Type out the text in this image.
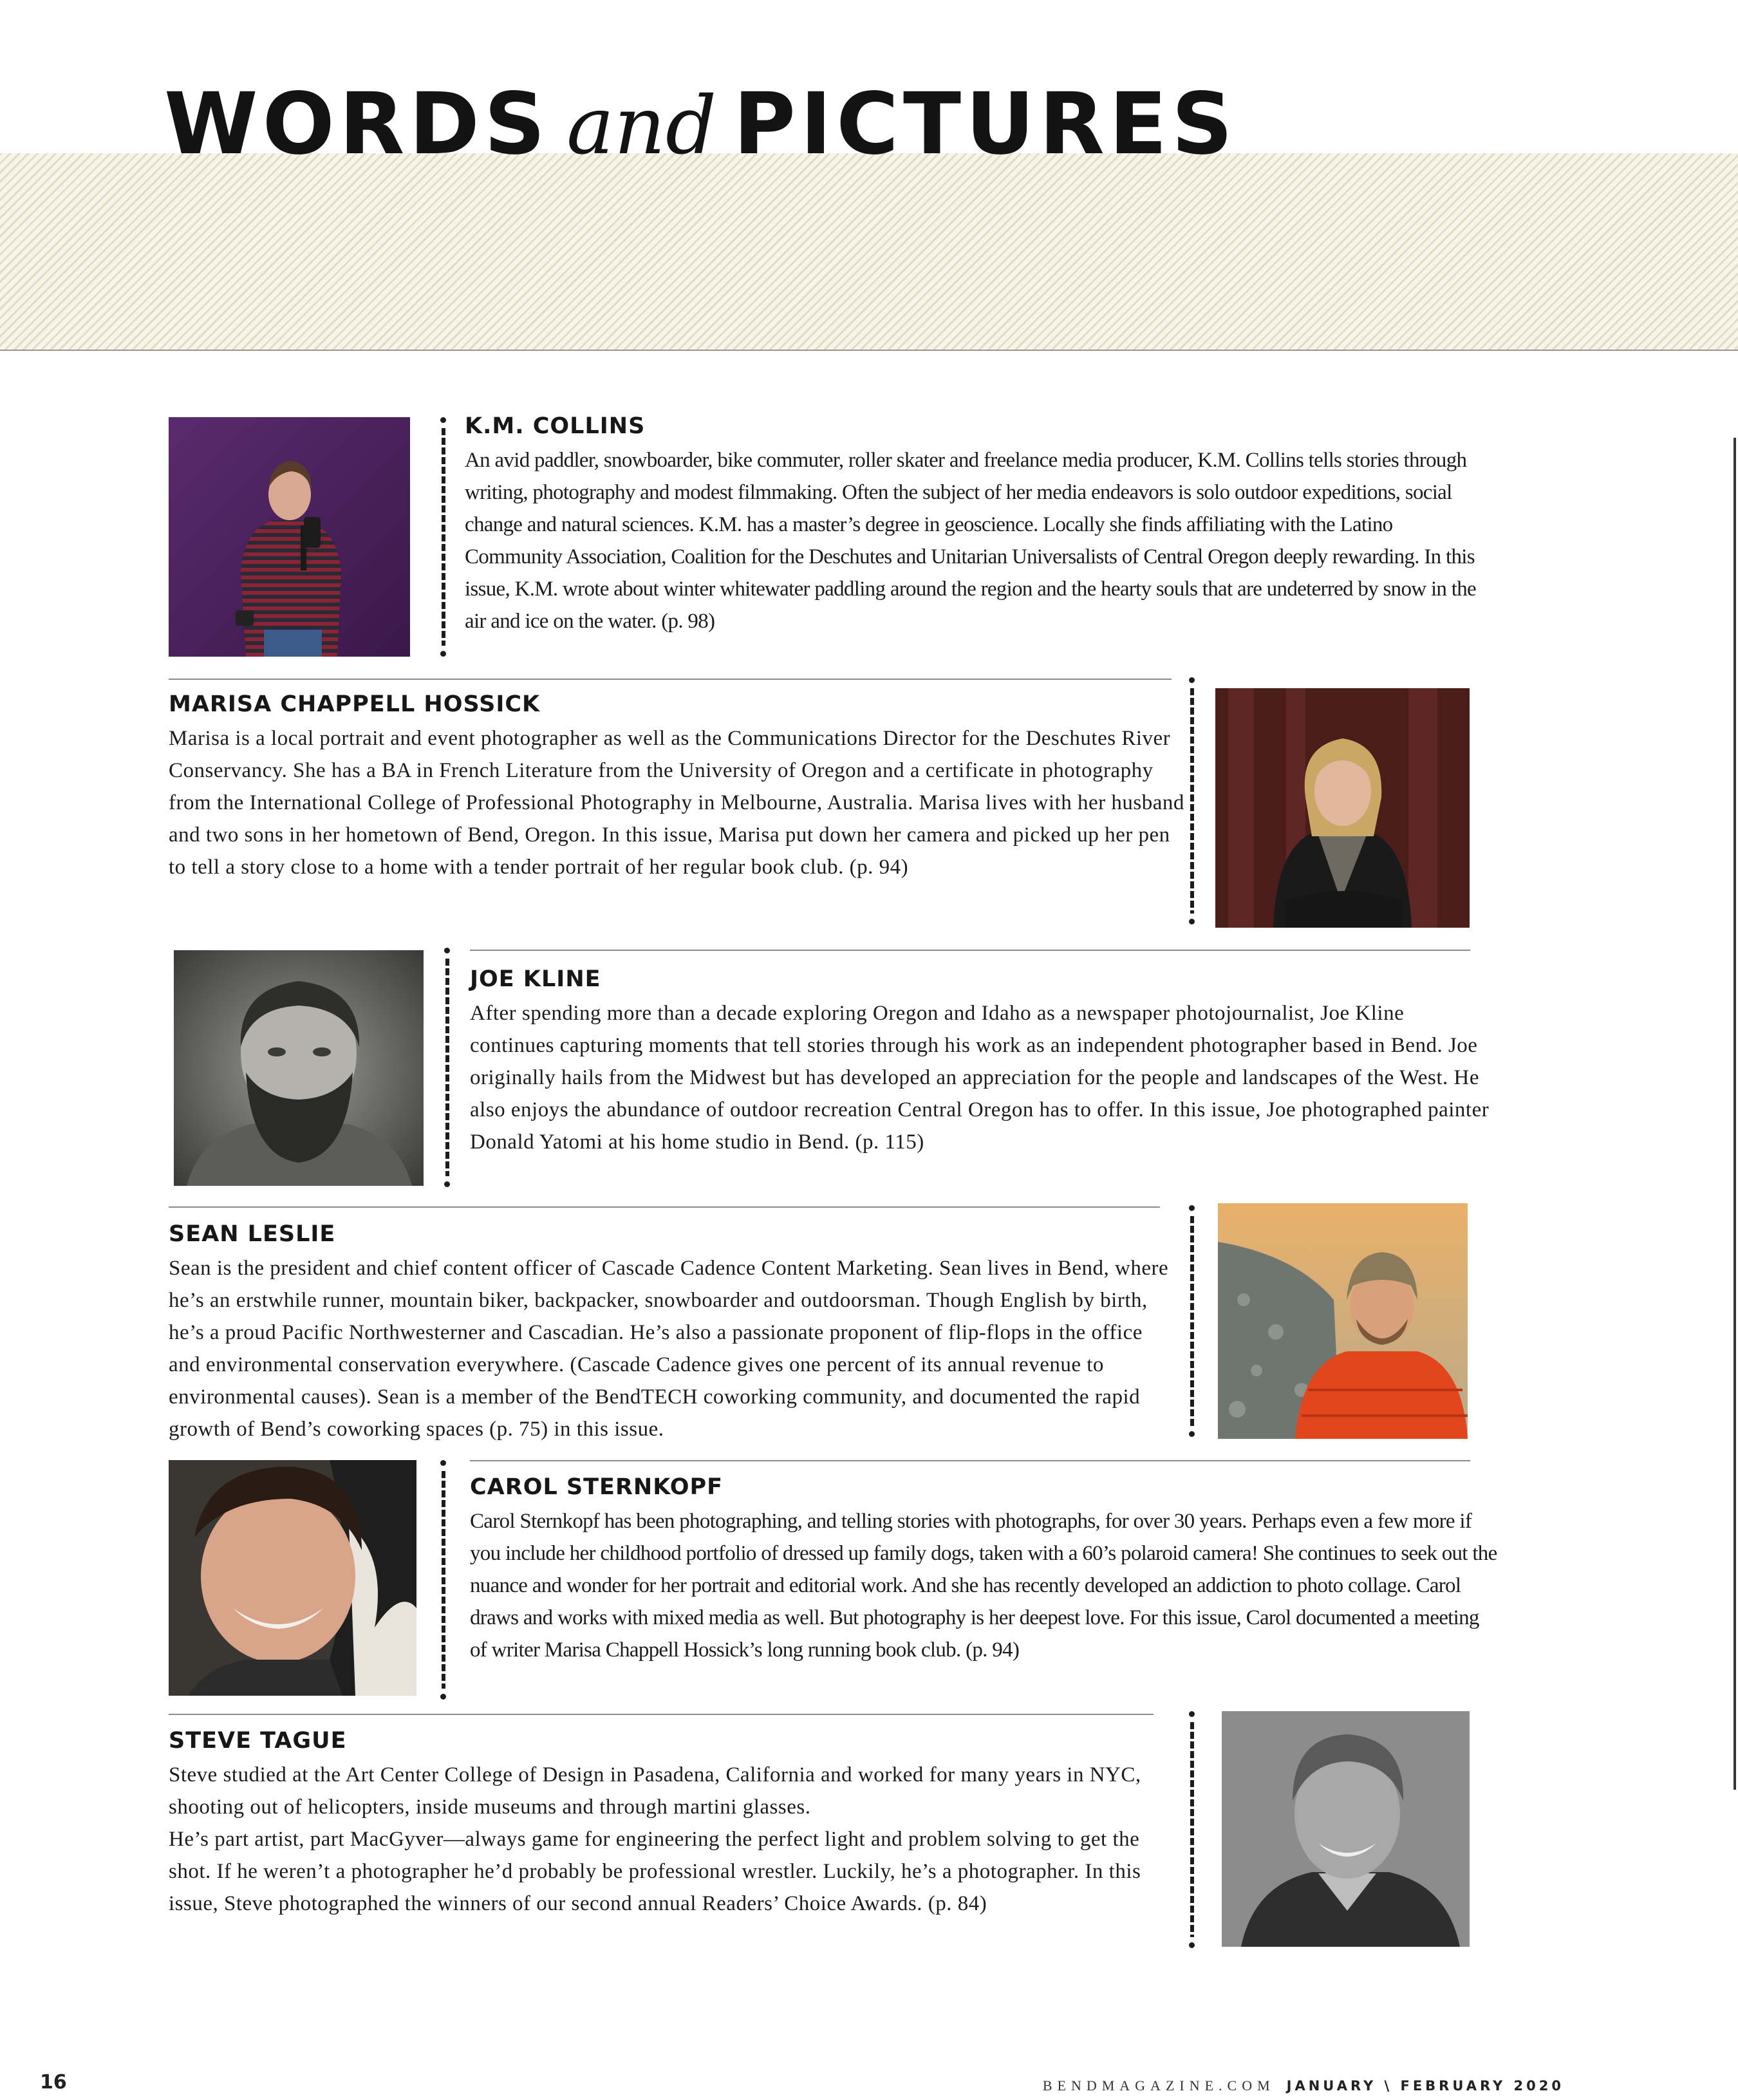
WORDS and PICTURES
K.M. COLLINS

An avid paddler, snowboarder, bike commuter, roller skater and freelance media producer, K.M. Collins tells stories through writing, photography and modest filmmaking. Often the subject of her media endeavors is solo outdoor expeditions, social change and natural sciences. K.M. has a master’s degree in geoscience. Locally she finds affiliating with the Latino Community Association, Coalition for the Deschutes and Unitarian Universalists of Central Oregon deeply rewarding. In this issue, K.M. wrote about winter whitewater paddling around the region and the hearty souls that are undeterred by snow in the air and ice on the water. (p. 98)

MARISA CHAPPELL HOSSICK

Marisa is a local portrait and event photographer as well as the Communications Director for the Deschutes River Conservancy. She has a BA in French Literature from the University of Oregon and a certificate in photography from the International College of Professional Photography in Melbourne, Australia. Marisa lives with her husband and two sons in her hometown of Bend, Oregon. In this issue, Marisa put down her camera and picked up her pen to tell a story close to a home with a tender portrait of her regular book club. (p. 94)

JOE KLINE

After spending more than a decade exploring Oregon and Idaho as a newspaper photojournalist, Joe Kline continues capturing moments that tell stories through his work as an independent photographer based in Bend. Joe originally hails from the Midwest but has developed an appreciation for the people and landscapes of the West. He also enjoys the abundance of outdoor recreation Central Oregon has to offer. In this issue, Joe photographed painter Donald Yatomi at his home studio in Bend. (p. 115)

SEAN LESLIE

Sean is the president and chief content officer of Cascade Cadence Content Marketing. Sean lives in Bend, where he’s an erstwhile runner, mountain biker, backpacker, snowboarder and outdoorsman. Though English by birth, he’s a proud Pacific Northwesterner and Cascadian. He’s also a passionate proponent of flip-flops in the office and environmental conservation everywhere. (Cascade Cadence gives one percent of its annual revenue to environmental causes). Sean is a member of the BendTECH coworking community, and documented the rapid growth of Bend’s coworking spaces (p. 75) in this issue.

CAROL STERNKOPF

Carol Sternkopf has been photographing, and telling stories with photographs, for over 30 years. Perhaps even a few more if you include her childhood portfolio of dressed up family dogs, taken with a 60’s polaroid camera! She continues to seek out the nuance and wonder for her portrait and editorial work. And she has recently developed an addiction to photo collage. Carol draws and works with mixed media as well. But photography is her deepest love. For this issue, Carol documented a meeting of writer Marisa Chappell Hossick’s long running book club. (p. 94)

STEVE TAGUE

Steve studied at the Art Center College of Design in Pasadena, California and worked for many years in NYC, shooting out of helicopters, inside museums and through martini glasses.

He’s part artist, part MacGyver—always game for engineering the perfect light and problem solving to get the shot. If he weren’t a photographer he’d probably be professional wrestler. Luckily, he’s a photographer. In this issue, Steve photographed the winners of our second annual Readers’ Choice Awards. (p. 84)

16	BENDMAGAZINE.COM JANUARY \ FEBRUARY 2020
